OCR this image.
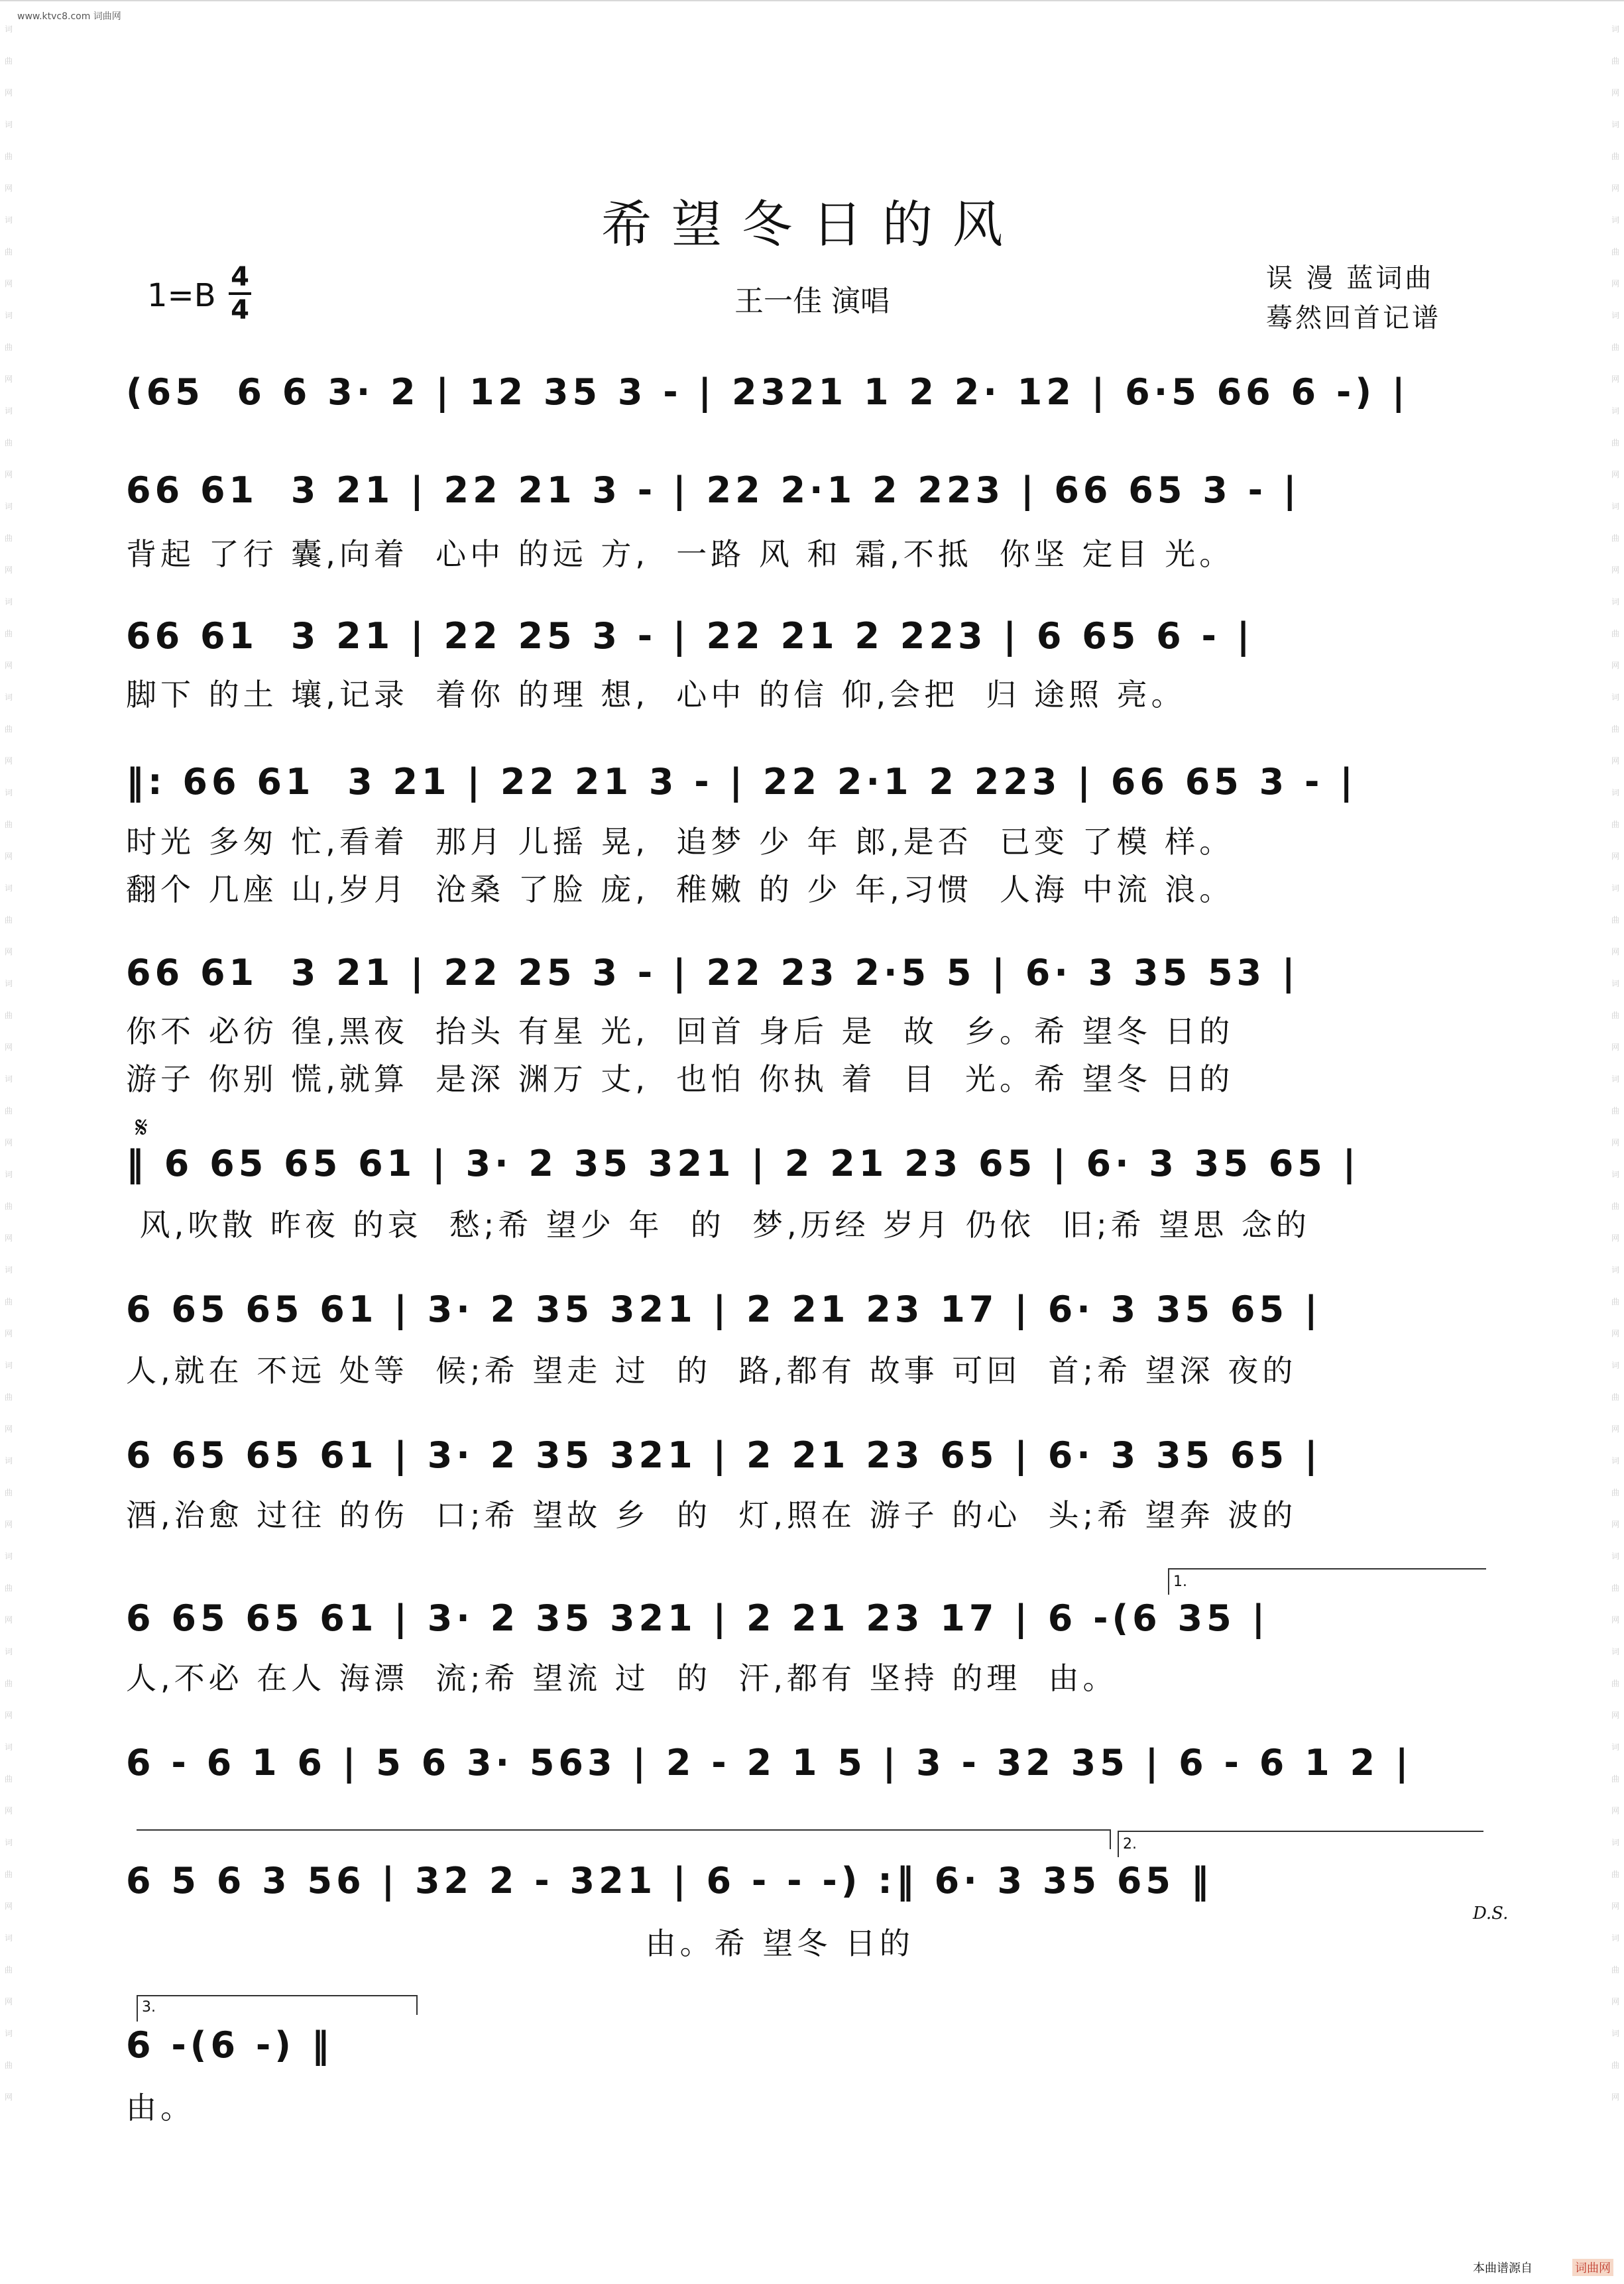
www.ktvc8.com 词曲网
词曲网 词曲网 词曲网 词曲网 词曲网 词曲网 词曲网 词曲网 词曲网 词曲网 词曲网 词曲网 词曲网 词曲网 词曲网 词曲网 词曲网 词曲网 词曲网 词曲网 词曲网 词曲网
词曲网 词曲网 词曲网 词曲网 词曲网 词曲网 词曲网 词曲网 词曲网 词曲网 词曲网 词曲网 词曲网 词曲网 词曲网 词曲网 词曲网 词曲网 词曲网 词曲网 词曲网 词曲网
希望冬日的风
1=B 4
4	王一佳 演唱
误 漫 蓝词曲
蓦然回首记谱
(65  6 6 3· 2 | 12 35 3 - | 2321 1 2 2· 12 | 6·5 66 6 -) |
66 61  3 21 | 22 21 3 - | 22 2·1 2 223 | 66 65 3 - |
背起 了行 囊,向着  心中 的远 方,  一路 风 和 霜,不抵  你坚 定目 光。
66 61  3 21 | 22 25 3 - | 22 21 2 223 | 6 65 6 - |
脚下 的土 壤,记录  着你 的理 想,  心中 的信 仰,会把  归 途照 亮。
‖: 66 61  3 21 | 22 21 3 - | 22 2·1 2 223 | 66 65 3 - |
时光 多匆 忙,看着  那月 儿摇 晃,  追梦 少 年 郎,是否  已变 了模 样。
翻个 几座 山,岁月  沧桑 了脸 庞,  稚嫩 的 少 年,习惯  人海 中流 浪。
66 61  3 21 | 22 25 3 - | 22 23 2·5 5 | 6· 3 35 53 |
你不 必彷 徨,黑夜  抬头 有星 光,  回首 身后 是  故  乡。希 望冬 日的
游子 你别 慌,就算  是深 渊万 丈,  也怕 你执 着  目  光。希 望冬 日的
𝄋
‖ 6 65 65 61 | 3· 2 35 321 | 2 21 23 65 | 6· 3 35 65 |
风,吹散 昨夜 的哀  愁;希 望少 年  的  梦,历经 岁月 仍依  旧;希 望思 念的
6 65 65 61 | 3· 2 35 321 | 2 21 23 17 | 6· 3 35 65 |
人,就在 不远 处等  候;希 望走 过  的  路,都有 故事 可回  首;希 望深 夜的
6 65 65 61 | 3· 2 35 321 | 2 21 23 65 | 6· 3 35 65 |
酒,治愈 过往 的伤  口;希 望故 乡  的  灯,照在 游子 的心  头;希 望奔 波的
1.
6 65 65 61 | 3· 2 35 321 | 2 21 23 17 | 6 -(6 35 |
人,不必 在人 海漂  流;希 望流 过  的  汗,都有 坚持 的理  由。
6 - 6 1 6 | 5 6 3· 563 | 2 - 2 1 5 | 3 - 32 35 | 6 - 6 1 2 |
2.
6 5 6 3 56 | 32 2 - 321 | 6 - - -) :‖ 6· 3 35 65 ‖
由。希 望冬 日的
D.S.
3.
6 -(6 -) ‖
由。
本曲谱源自	词曲网
